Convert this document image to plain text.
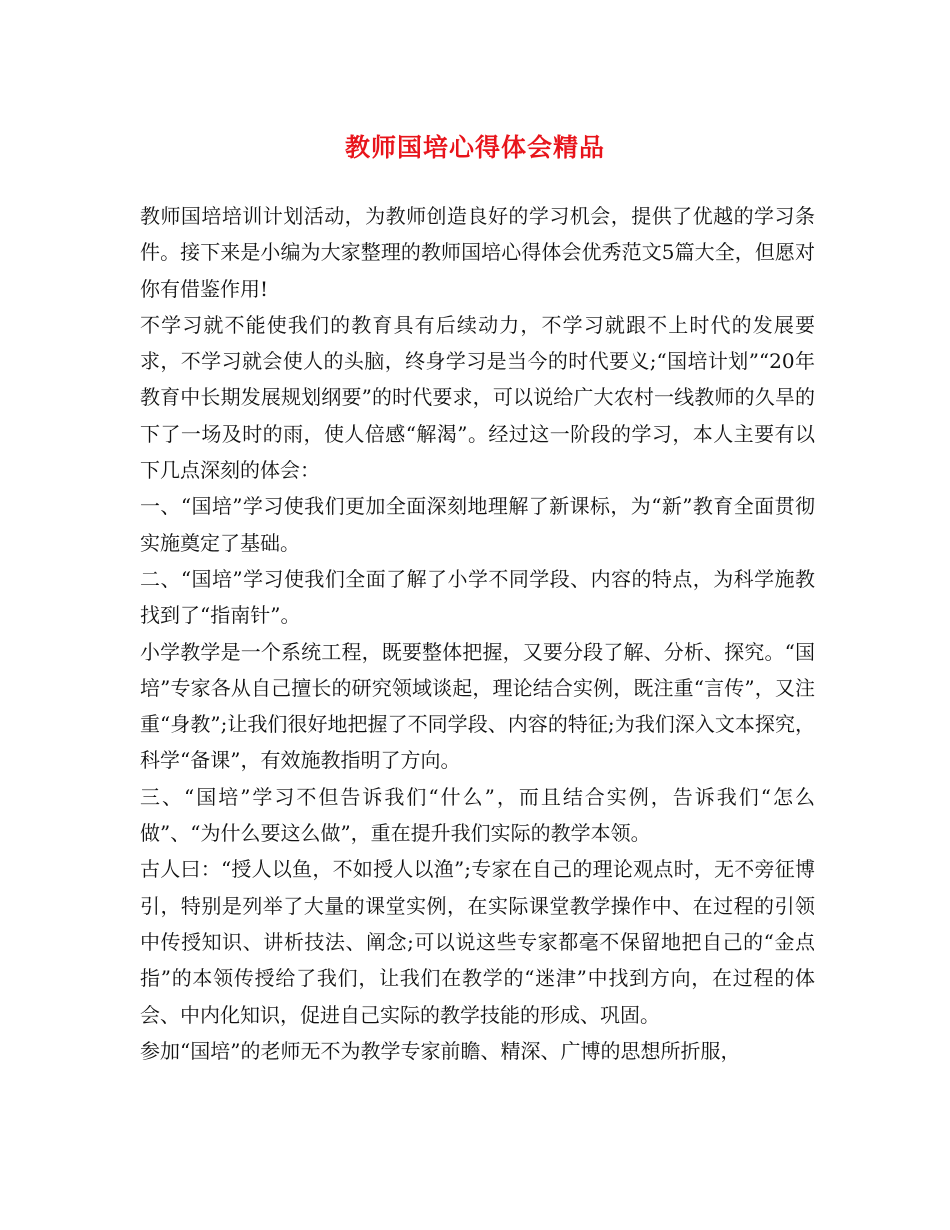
教师国培心得体会精品

教师国培培训计划活动，为教师创造良好的学习机会，提供了优越的学习条件。接下来是小编为大家整理的教师国培心得体会优秀范文5篇大全，但愿对你有借鉴作用!

不学习就不能使我们的教育具有后续动力，不学习就跟不上时代的发展要求，不学习就会使人的头脑，终身学习是当今的时代要义;“国培计划”“20年教育中长期发展规划纲要”的时代要求，可以说给广大农村一线教师的久旱的下了一场及时的雨，使人倍感“解渴”。经过这一阶段的学习，本人主要有以下几点深刻的体会：

一、“国培”学习使我们更加全面深刻地理解了新课标，为“新”教育全面贯彻实施奠定了基础。

二、“国培”学习使我们全面了解了小学不同学段、内容的特点，为科学施教找到了“指南针”。

小学教学是一个系统工程，既要整体把握，又要分段了解、分析、探究。“国培”专家各从自己擅长的研究领域谈起，理论结合实例，既注重“言传”，又注重“身教”;让我们很好地把握了不同学段、内容的特征;为我们深入文本探究，科学“备课”，有效施教指明了方向。

三、“国培”学习不但告诉我们“什么”，而且结合实例，告诉我们“怎么做”、“为什么要这么做”，重在提升我们实际的教学本领。

古人曰：“授人以鱼，不如授人以渔”;专家在自己的理论观点时，无不旁征博引，特别是列举了大量的课堂实例，在实际课堂教学操作中、在过程的引领中传授知识、讲析技法、阐念;可以说这些专家都毫不保留地把自己的“金点指”的本领传授给了我们，让我们在教学的“迷津”中找到方向，在过程的体会、中内化知识，促进自己实际的教学技能的形成、巩固。

参加“国培”的老师无不为教学专家前瞻、精深、广博的思想所折服，
